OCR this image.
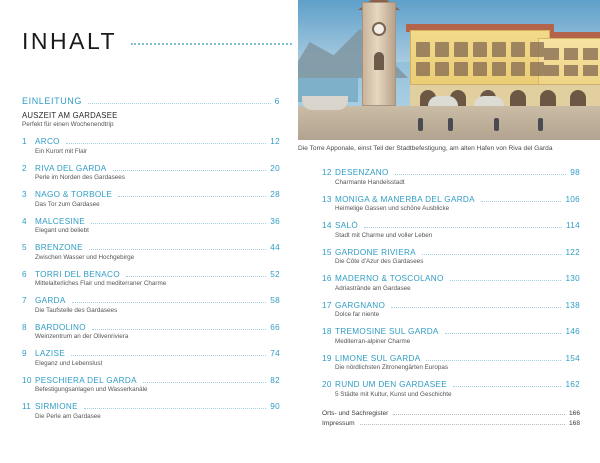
INHALT
Die Torre Apponale, einst Teil der Stadtbefestigung, am alten Hafen von Riva del Garda
EINLEITUNG	6
AUSZEIT AM GARDASEE
Perfekt für einen Wochenendtrip
1 ARCO	12
Ein Kurort mit Flair
2 RIVA DEL GARDA	20
Perle im Norden des Gardasees
3 NAGO & TORBOLE	28
Das Tor zum Gardasee
4 MALCESINE	36
Elegant und beliebt
5 BRENZONE	44
Zwischen Wasser und Hochgebirge
6 TORRI DEL BENACO	52
Mittelalterliches Flair und mediterraner Charme
7 GARDA	58
Die Taufstelle des Gardasees
8 BARDOLINO	66
Weinzentrum an der Olivenriviera
9 LAZISE	74
Eleganz und Lebenslust
10 PESCHIERA DEL GARDA	82
Befestigungsanlagen und Wasserkanäle
11 SIRMIONE	90
Die Perle am Gardasee
12 DESENZANO	98
Charmante Handelsstadt
13 MONIGA & MANERBA DEL GARDA	106
Heimelige Gassen und schöne Ausblicke
14 SALÒ	114
Stadt mit Charme und voller Leben
15 GARDONE RIVIERA	122
Die Côte d'Azur des Gardasees
16 MADERNO & TOSCOLANO	130
Adriastrände am Gardasee
17 GARGNANO	138
Dolce far niente
18 TREMOSINE SUL GARDA	146
Mediterran-alpiner Charme
19 LIMONE SUL GARDA	154
Die nördlichsten Zitronengärten Europas
20 RUND UM DEN GARDASEE	162
5 Städte mit Kultur, Kunst und Geschichte
Orts- und Sachregister	166
Impressum	168
